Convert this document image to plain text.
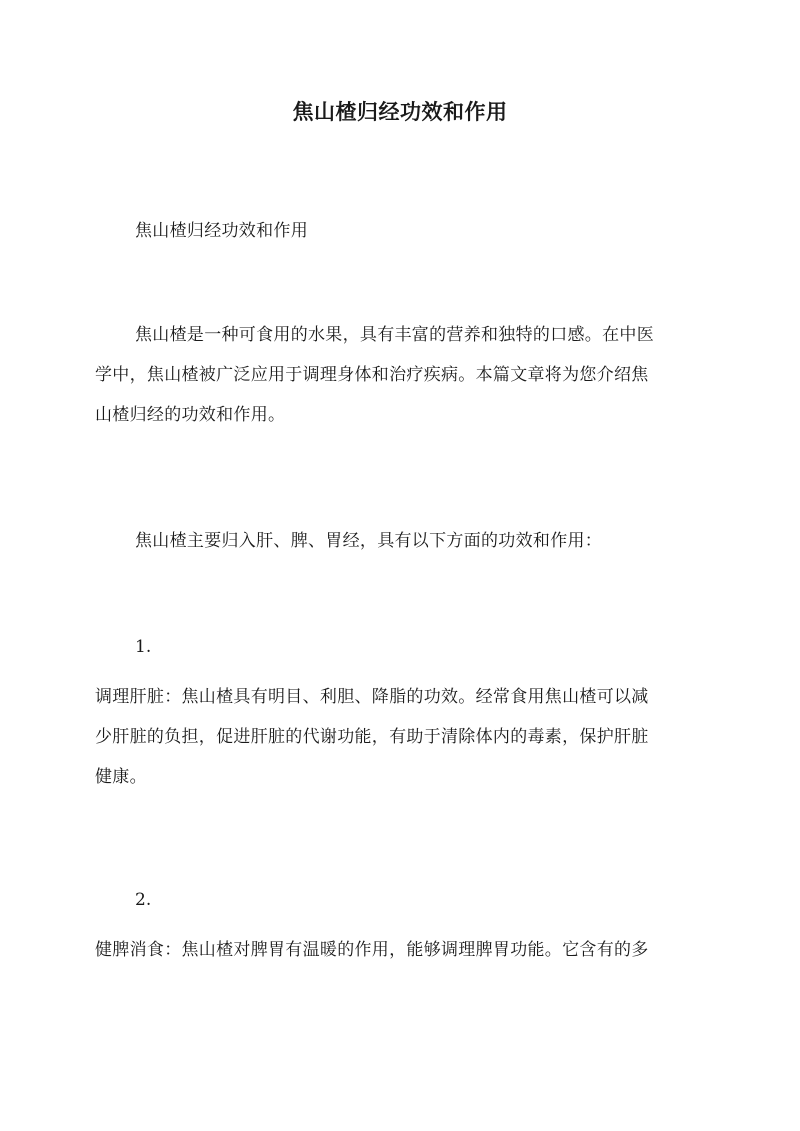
焦山楂归经功效和作用

焦山楂归经功效和作用

焦山楂是一种可食用的水果，具有丰富的营养和独特的口感。在中医
学中，焦山楂被广泛应用于调理身体和治疗疾病。本篇文章将为您介绍焦
山楂归经的功效和作用。

焦山楂主要归入肝、脾、胃经，具有以下方面的功效和作用：

1.

调理肝脏：焦山楂具有明目、利胆、降脂的功效。经常食用焦山楂可以减
少肝脏的负担，促进肝脏的代谢功能，有助于清除体内的毒素，保护肝脏
健康。

2.

健脾消食：焦山楂对脾胃有温暖的作用，能够调理脾胃功能。它含有的多
